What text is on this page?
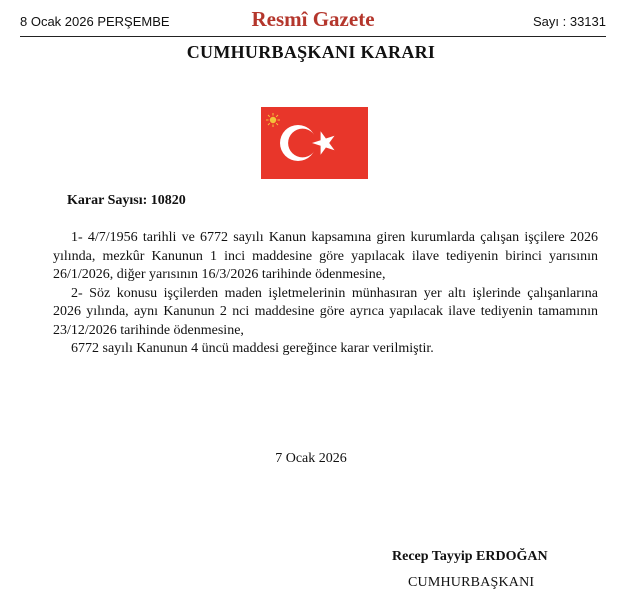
8 Ocak 2026 PERŞEMBE	Resmî Gazete	Sayı : 33131
CUMHURBAŞKANI KARARI
Karar Sayısı: 10820

1- 4/7/1956 tarihli ve 6772 sayılı Kanun kapsamına giren kurumlarda çalışan işçilere 2026 yılında, mezkûr Kanunun 1 inci maddesine göre yapılacak ilave tediyenin birinci yarısının 26/1/2026, diğer yarısının 16/3/2026 tarihinde ödenmesine,

2- Söz konusu işçilerden maden işletmelerinin münhasıran yer altı işlerinde çalışanlarına 2026 yılında, aynı Kanunun 2 nci maddesine göre ayrıca yapılacak ilave tediyenin tamamının 23/12/2026 tarihinde ödenmesine,

6772 sayılı Kanunun 4 üncü maddesi gereğince karar verilmiştir.

7 Ocak 2026
Recep Tayyip ERDOĞAN
CUMHURBAŞKANI
